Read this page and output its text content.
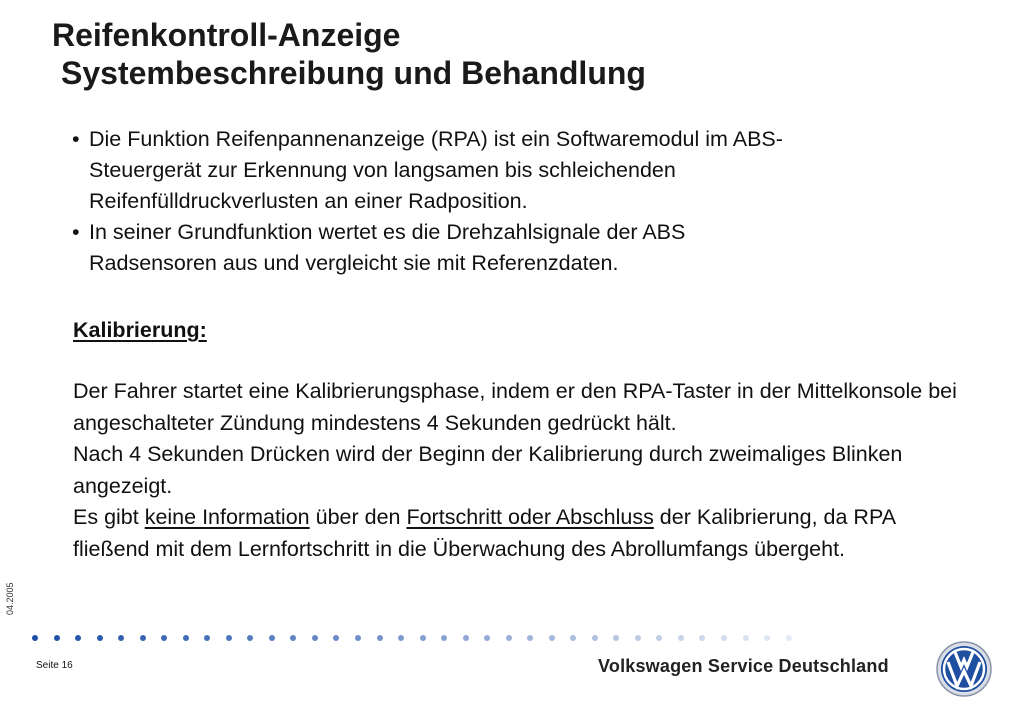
Reifenkontroll-Anzeige
Systembeschreibung und Behandlung
• Die Funktion Reifenpannenanzeige (RPA) ist ein Softwaremodul im ABS-
Steuergerät zur Erkennung von langsamen bis schleichenden
Reifenfülldruckverlusten an einer Radposition.
• In seiner Grundfunktion wertet es die Drehzahlsignale der ABS
Radsensoren aus und vergleicht sie mit Referenzdaten.
Kalibrierung:

Der Fahrer startet eine Kalibrierungsphase, indem er den RPA-Taster in der Mittelkonsole bei angeschalteter Zündung mindestens 4 Sekunden gedrückt hält.

Nach 4 Sekunden Drücken wird der Beginn der Kalibrierung durch zweimaliges Blinken angezeigt.

Es gibt keine Information über den Fortschritt oder Abschluss der Kalibrierung, da RPA fließend mit dem Lernfortschritt in die Überwachung des Abrollumfangs übergeht.

04.2005
Seite 16	Volkswagen Service Deutschland
